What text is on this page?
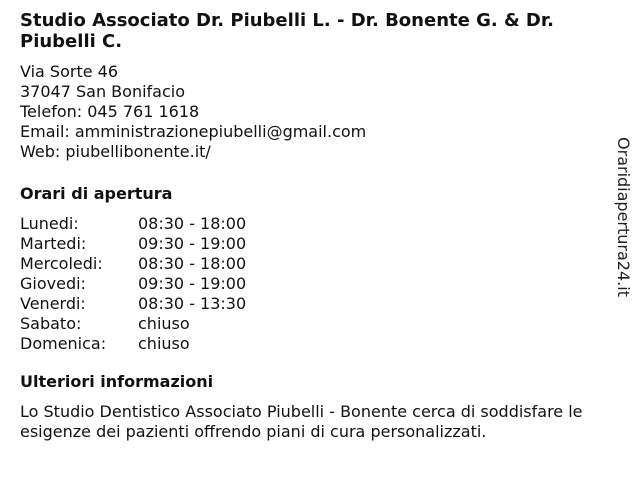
Studio Associato Dr. Piubelli L. - Dr. Bonente G. & Dr. Piubelli C.
Via Sorte 46
37047 San Bonifacio
Telefon: 045 761 1618
Email: amministrazionepiubelli@gmail.com
Web: piubellibonente.it/
Orari di apertura
Lunedi:	08:30 - 18:00
Martedi:	09:30 - 19:00
Mercoledi: 08:30 - 18:00
Giovedi:	09:30 - 19:00
Venerdi:	08:30 - 13:30
Sabato:	chiuso
Domenica: chiuso
Ulteriori informazioni
Lo Studio Dentistico Associato Piubelli - Bonente cerca di soddisfare le esigenze dei pazienti offrendo piani di cura personalizzati.
Oraridiapertura24.it
